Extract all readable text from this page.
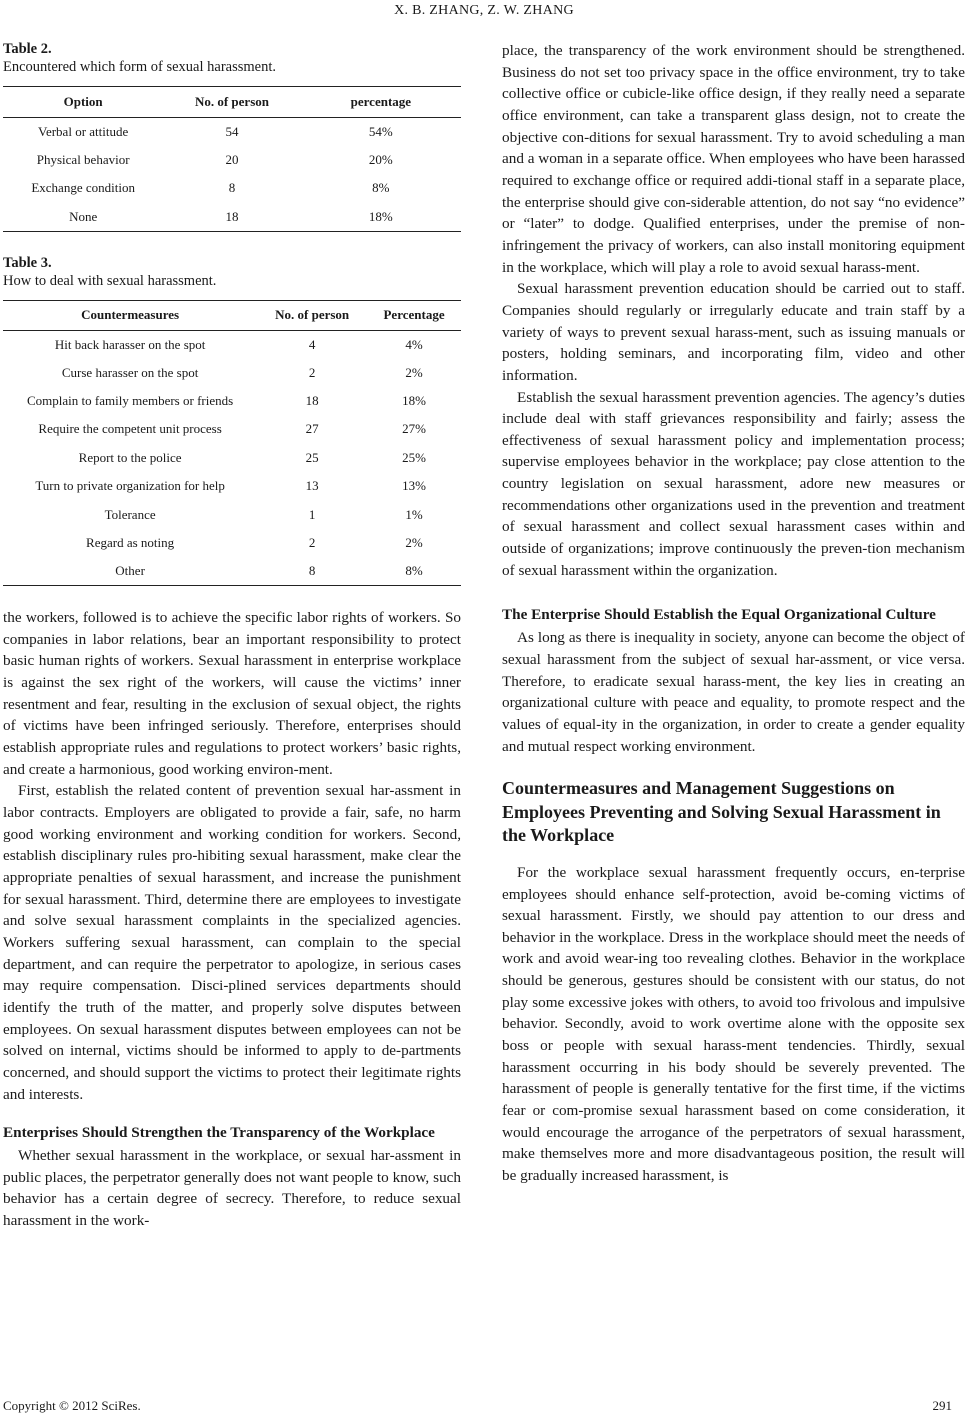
X. B. ZHANG, Z. W. ZHANG
Table 2.
Encountered which form of sexual harassment.
Option	No. of person	percentage
Verbal or attitude	54	54%
Physical behavior	20	20%
Exchange condition	8	8%
None	18	18%
Table 3.
How to deal with sexual harassment.
Countermeasures	No. of person	Percentage
Hit back harasser on the spot	4	4%
Curse harasser on the spot	2	2%
Complain to family members or friends	18	18%
Require the competent unit process	27	27%
Report to the police	25	25%
Turn to private organization for help	13	13%
Tolerance	1	1%
Regard as noting	2	2%
Other	8	8%

the workers, followed is to achieve the specific labor rights of workers. So companies in labor relations, bear an important responsibility to protect basic human rights of workers. Sexual harassment in enterprise workplace is against the sex right of the workers, will cause the victims’ inner resentment and fear, resulting in the exclusion of sexual object, the rights of victims have been infringed seriously. Therefore, enterprises should establish appropriate rules and regulations to protect workers’ basic rights, and create a harmonious, good working environ-ment.

First, establish the related content of prevention sexual har-assment in labor contracts. Employers are obligated to provide a fair, safe, no harm good working environment and working condition for workers. Second, establish disciplinary rules pro-hibiting sexual harassment, make clear the appropriate penalties of sexual harassment, and increase the punishment for sexual harassment. Third, determine there are employees to investigate and solve sexual harassment complaints in the specialized agencies. Workers suffering sexual harassment, can complain to the special department, and can require the perpetrator to apologize, in serious cases may require compensation. Disci-plined services departments should identify the truth of the matter, and properly solve disputes between employees. On sexual harassment disputes between employees can not be solved on internal, victims should be informed to apply to de-partments concerned, and should support the victims to protect their legitimate rights and interests.

Enterprises Should Strengthen the Transparency of the Workplace

Whether sexual harassment in the workplace, or sexual har-assment in public places, the perpetrator generally does not want people to know, such behavior has a certain degree of secrecy. Therefore, to reduce sexual harassment in the work-

place, the transparency of the work environment should be strengthened. Business do not set too privacy space in the office environment, try to take collective office or cubicle-like office design, if they really need a separate office environment, can take a transparent glass design, not to create the objective con-ditions for sexual harassment. Try to avoid scheduling a man and a woman in a separate office. When employees who have been harassed required to exchange office or required addi-tional staff in a separate place, the enterprise should give con-siderable attention, do not say “no evidence” or “later” to dodge. Qualified enterprises, under the premise of non-infringement the privacy of workers, can also install monitoring equipment in the workplace, which will play a role to avoid sexual harass-ment.

Sexual harassment prevention education should be carried out to staff. Companies should regularly or irregularly educate and train staff by a variety of ways to prevent sexual harass-ment, such as issuing manuals or posters, holding seminars, and incorporating film, video and other information.

Establish the sexual harassment prevention agencies. The agency’s duties include deal with staff grievances responsibility and fairly; assess the effectiveness of sexual harassment policy and implementation process; supervise employees behavior in the workplace; pay close attention to the country legislation on sexual harassment, adore new measures or recommendations other organizations used in the prevention and treatment of sexual harassment and collect sexual harassment cases within and outside of organizations; improve continuously the preven-tion mechanism of sexual harassment within the organization.

The Enterprise Should Establish the Equal Organizational Culture

As long as there is inequality in society, anyone can become the object of sexual harassment from the subject of sexual har-assment, or vice versa. Therefore, to eradicate sexual harass-ment, the key lies in creating an organizational culture with peace and equality, to promote respect and the values of equal-ity in the organization, in order to create a gender equality and mutual respect working environment.

Countermeasures and Management Suggestions on Employees Preventing and Solving Sexual Harassment in the Workplace

For the workplace sexual harassment frequently occurs, en-terprise employees should enhance self-protection, avoid be-coming victims of sexual harassment. Firstly, we should pay attention to our dress and behavior in the workplace. Dress in the workplace should meet the needs of work and avoid wear-ing too revealing clothes. Behavior in the workplace should be generous, gestures should be consistent with our status, do not play some excessive jokes with others, to avoid too frivolous and impulsive behavior. Secondly, avoid to work overtime alone with the opposite sex boss or people with sexual harass-ment tendencies. Thirdly, sexual harassment occurring in his body should be severely prevented. The harassment of people is generally tentative for the first time, if the victims fear or com-promise sexual harassment based on come consideration, it would encourage the arrogance of the perpetrators of sexual harassment, make themselves more and more disadvantageous position, the result will be gradually increased harassment, is

Copyright © 2012 SciRes.	291
